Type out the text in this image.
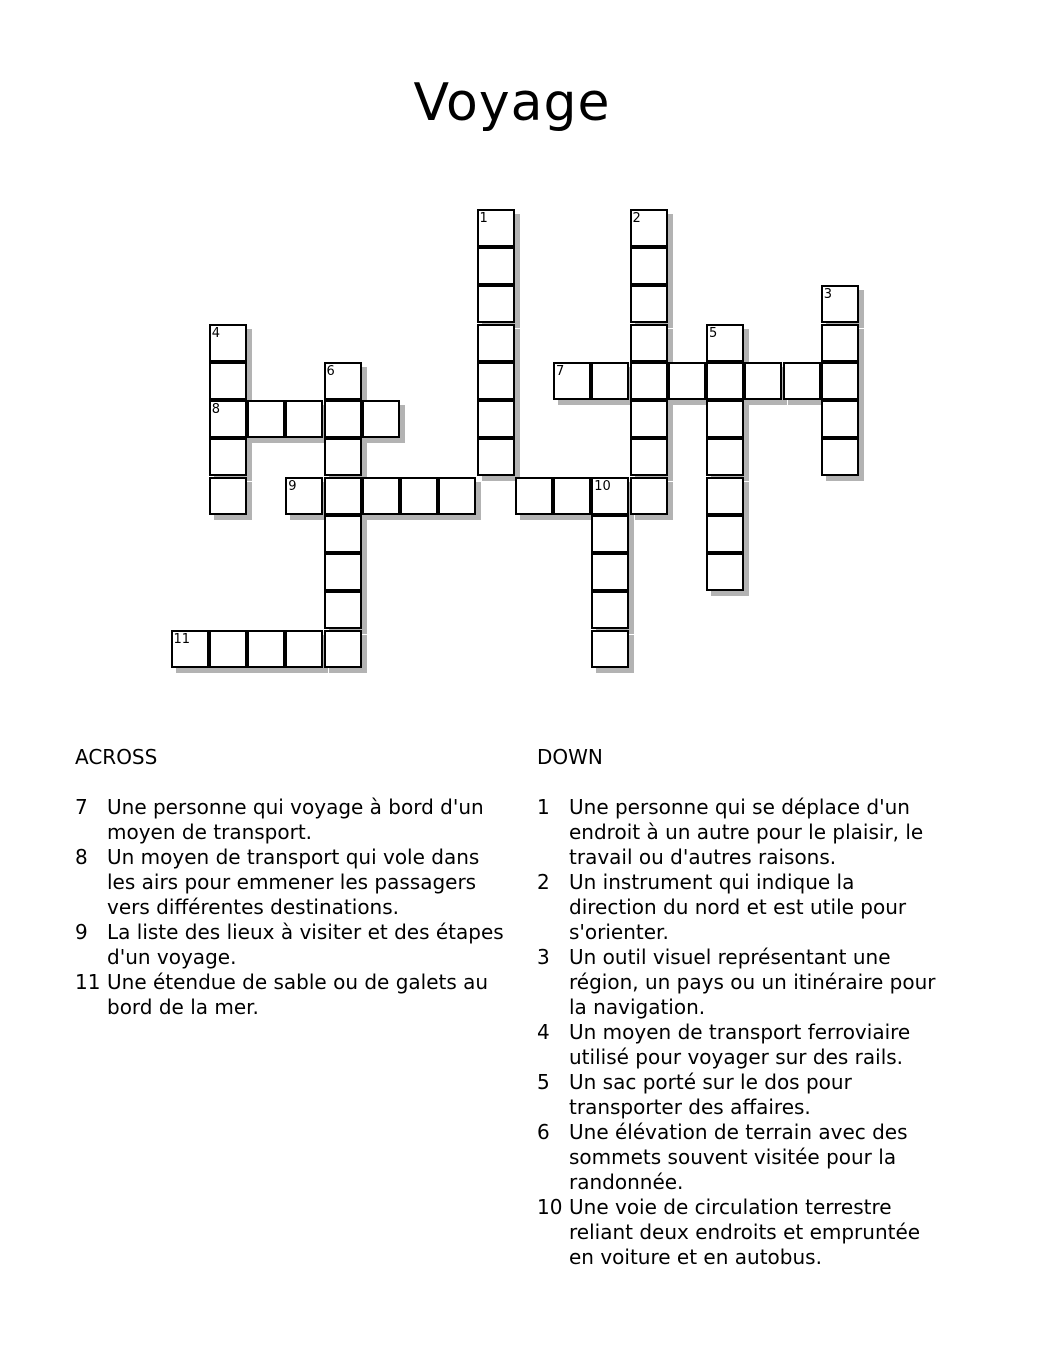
Voyage
1	2
3
4	5
6	7
8
9	10
11
ACROSS
7 Une personne qui voyage à bord d'un moyen de transport.
8 Un moyen de transport qui vole dans les airs pour emmener les passagers vers différentes destinations.
9 La liste des lieux à visiter et des étapes d'un voyage.
11 Une étendue de sable ou de galets au bord de la mer.
DOWN
1 Une personne qui se déplace d'un endroit à un autre pour le plaisir, le travail ou d'autres raisons.
2 Un instrument qui indique la direction du nord et est utile pour s'orienter.
3 Un outil visuel représentant une région, un pays ou un itinéraire pour la navigation.
4 Un moyen de transport ferroviaire utilisé pour voyager sur des rails.
5 Un sac porté sur le dos pour transporter des affaires.
6 Une élévation de terrain avec des sommets souvent visitée pour la randonnée.
10 Une voie de circulation terrestre reliant deux endroits et empruntée en voiture et en autobus.
